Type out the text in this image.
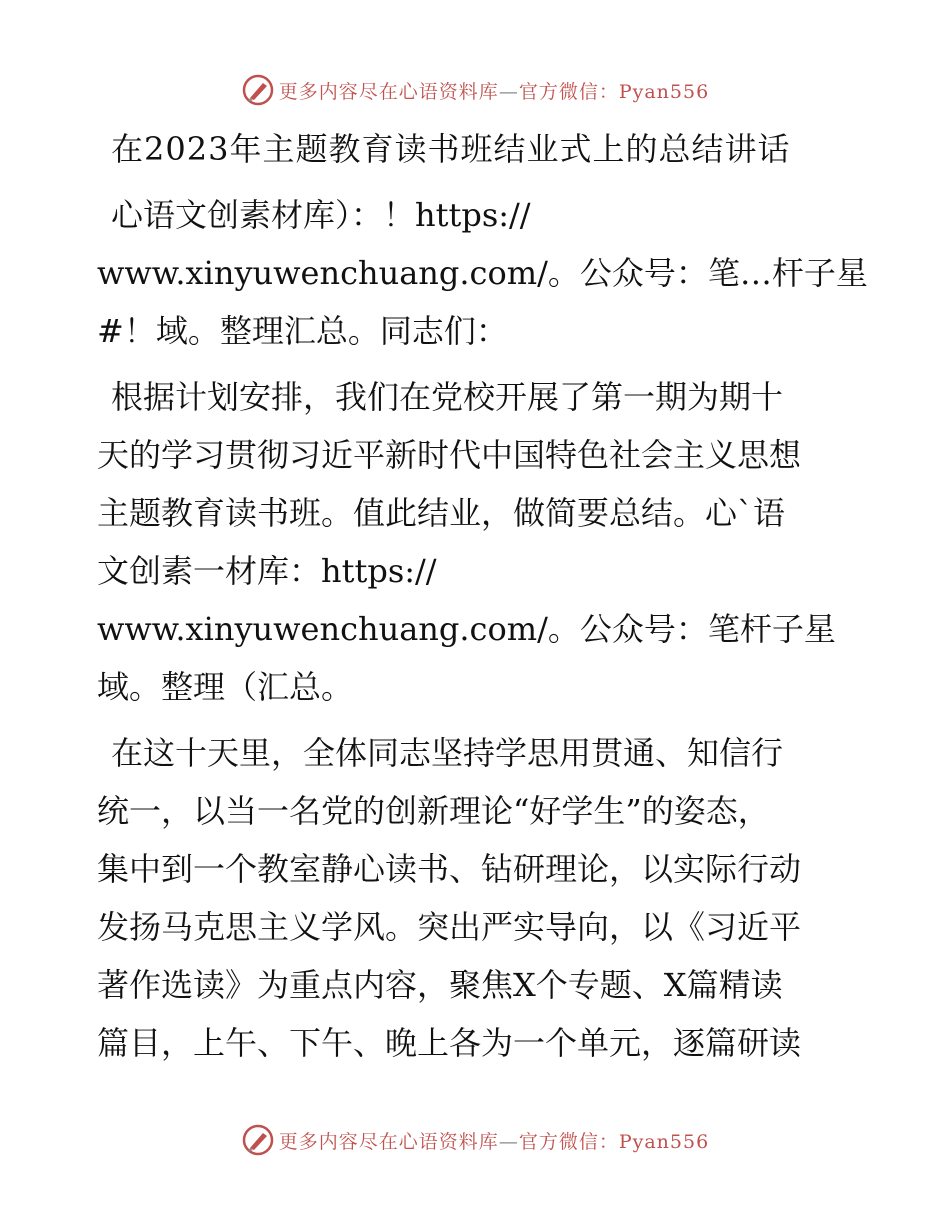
更多内容尽在心语资料库—官方微信：Pyan556
在2023年主题教育读书班结业式上的总结讲话
心语文创素材库）：！https://
www.xinyuwenchuang.com/。公众号：笔…杆子星
#！域。整理汇总。同志们：
根据计划安排，我们在党校开展了第一期为期十
天的学习贯彻习近平新时代中国特色社会主义思想
主题教育读书班。值此结业，做简要总结。心`语
文创素一材库：https://
www.xinyuwenchuang.com/。公众号：笔杆子星
域。整理（汇总。
在这十天里，全体同志坚持学思用贯通、知信行
统一，以当一名党的创新理论“好学生”的姿态，
集中到一个教室静心读书、钻研理论，以实际行动
发扬马克思主义学风。突出严实导向，以《习近平
著作选读》为重点内容，聚焦X个专题、X篇精读
篇目，上午、下午、晚上各为一个单元，逐篇研读
更多内容尽在心语资料库—官方微信：Pyan556
